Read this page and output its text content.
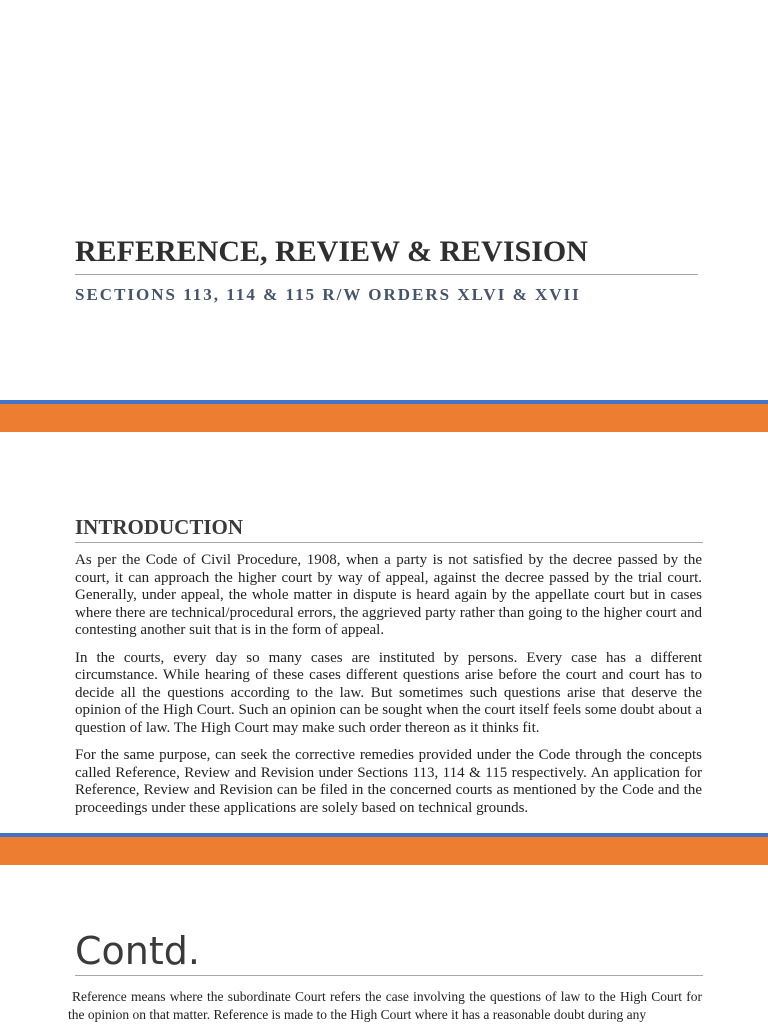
REFERENCE, REVIEW & REVISION
SECTIONS 113, 114 & 115 R/W ORDERS XLVI & XVII
INTRODUCTION

As per the Code of Civil Procedure, 1908, when a party is not satisfied by the decree passed by the court, it can approach the higher court by way of appeal, against the decree passed by the trial court. Generally, under appeal, the whole matter in dispute is heard again by the appellate court but in cases where there are technical/procedural errors, the aggrieved party rather than going to the higher court and contesting another suit that is in the form of appeal.

In the courts, every day so many cases are instituted by persons. Every case has a different circumstance. While hearing of these cases different questions arise before the court and court has to decide all the questions according to the law. But sometimes such questions arise that deserve the opinion of the High Court. Such an opinion can be sought when the court itself feels some doubt about a question of law. The High Court may make such order thereon as it thinks fit.

For the same purpose, can seek the corrective remedies provided under the Code through the concepts called Reference, Review and Revision under Sections 113, 114 & 115 respectively. An application for Reference, Review and Revision can be filed in the concerned courts as mentioned by the Code and the proceedings under these applications are solely based on technical grounds.

Contd.

Reference means where the subordinate Court refers the case involving the questions of law to the High Court for the opinion on that matter. Reference is made to the High Court where it has a reasonable doubt during any
